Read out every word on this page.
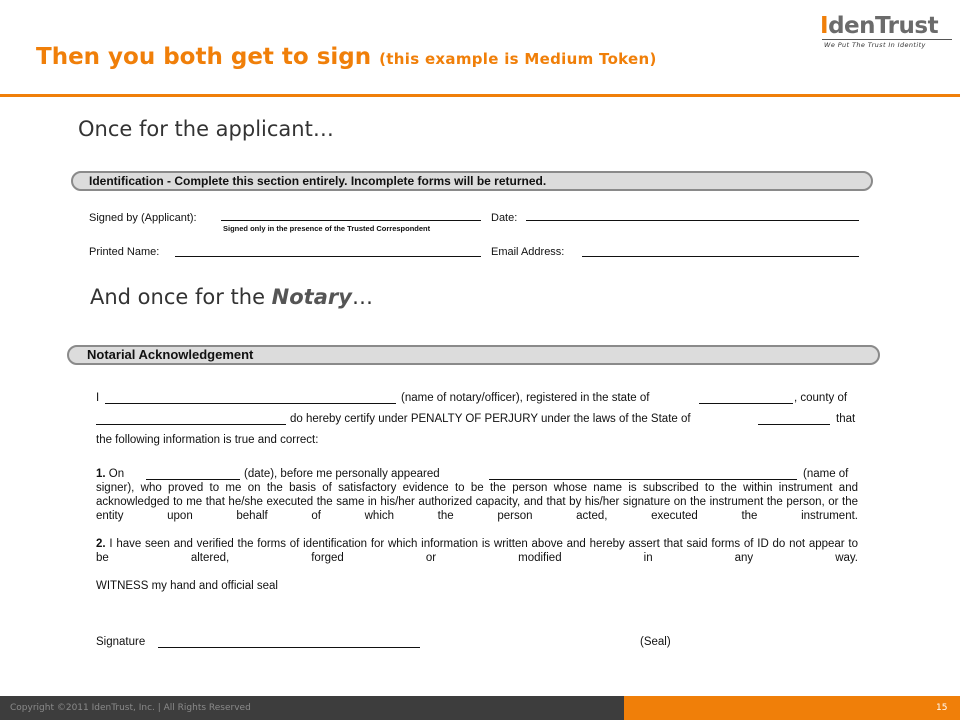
Then you both get to sign (this example is Medium Token)
IdenTrust
We Put The Trust In Identity
Once for the applicant…
Identification - Complete this section entirely. Incomplete forms will be returned.
Signed by (Applicant):
Signed only in the presence of the Trusted Correspondent
Date:
Printed Name:	Email Address:
And once for the Notary…
Notarial Acknowledgement
I	(name of notary/officer), registered in the state of	, county of
do hereby certify under PENALTY OF PERJURY under the laws of the State of	that
the following information is true and correct:
1. On	(date), before me personally appeared	(name of
signer), who proved to me on the basis of satisfactory evidence to be the person whose name is subscribed to the within instrument and acknowledged to me that he/she executed the same in his/her authorized capacity, and that by his/her signature on the instrument the person, or the entity upon behalf of which the person acted, executed the instrument.
2. I have seen and verified the forms of identification for which information is written above and hereby assert that said forms of ID do not appear to be altered, forged or modified in any way.
WITNESS my hand and official seal
Signature	(Seal)
Copyright ©2011 IdenTrust, Inc. | All Rights Reserved	15
